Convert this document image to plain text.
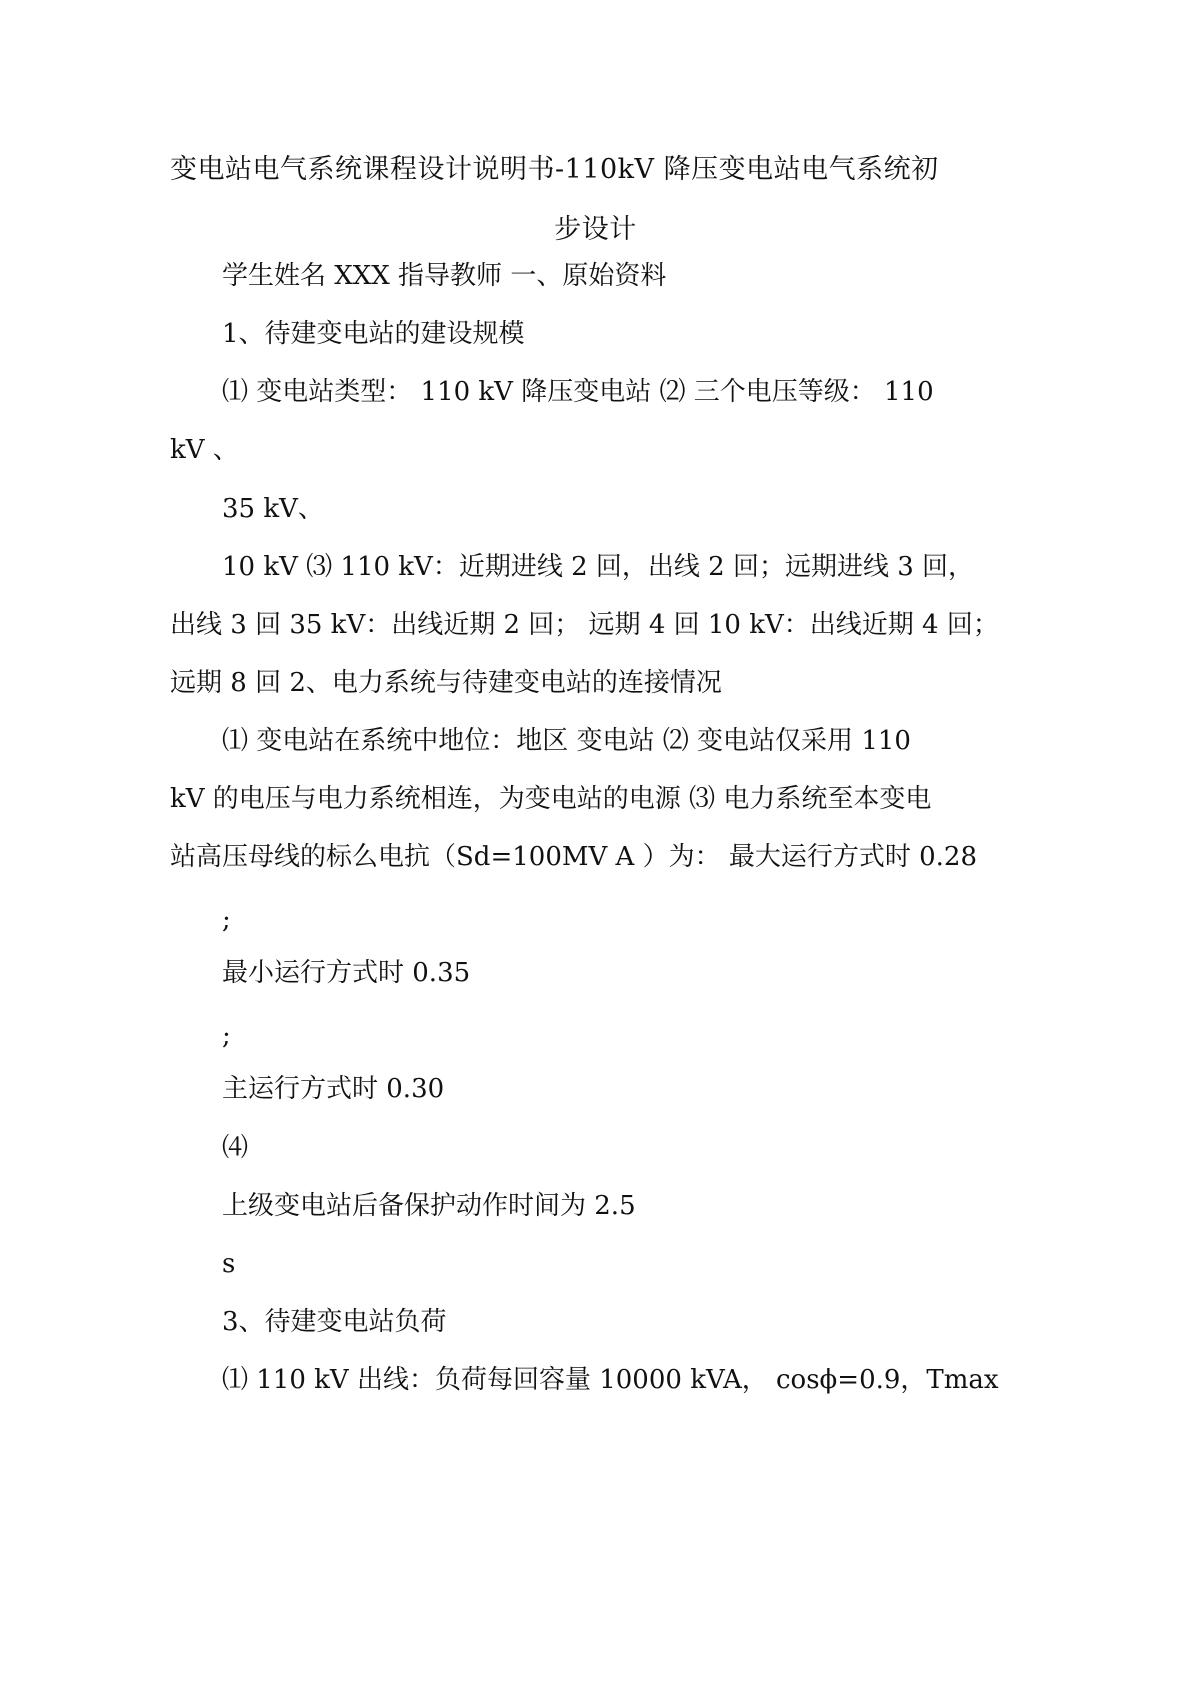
变电站电气系统课程设计说明书-110kV 降压变电站电气系统初
步设计
学生姓名 XXX 指导教师 一、原始资料
1、待建变电站的建设规模
⑴ 变电站类型： 110 kV 降压变电站 ⑵ 三个电压等级： 110
kV 、
35 kV、
10 kV ⑶ 110 kV：近期进线 2 回，出线 2 回；远期进线 3 回，
出线 3 回 35 kV：出线近期 2 回； 远期 4 回 10 kV：出线近期 4 回；
远期 8 回 2、电力系统与待建变电站的连接情况
⑴ 变电站在系统中地位：地区 变电站 ⑵ 变电站仅采用 110
kV 的电压与电力系统相连，为变电站的电源 ⑶ 电力系统至本变电
站高压母线的标么电抗（Sd=100MV A ）为： 最大运行方式时 0.28
;
最小运行方式时 0.35
;
主运行方式时 0.30
⑷
上级变电站后备保护动作时间为 2.5
s
3、待建变电站负荷
⑴ 110 kV 出线：负荷每回容量 10000 kVA， cosϕ=0.9，Tmax
